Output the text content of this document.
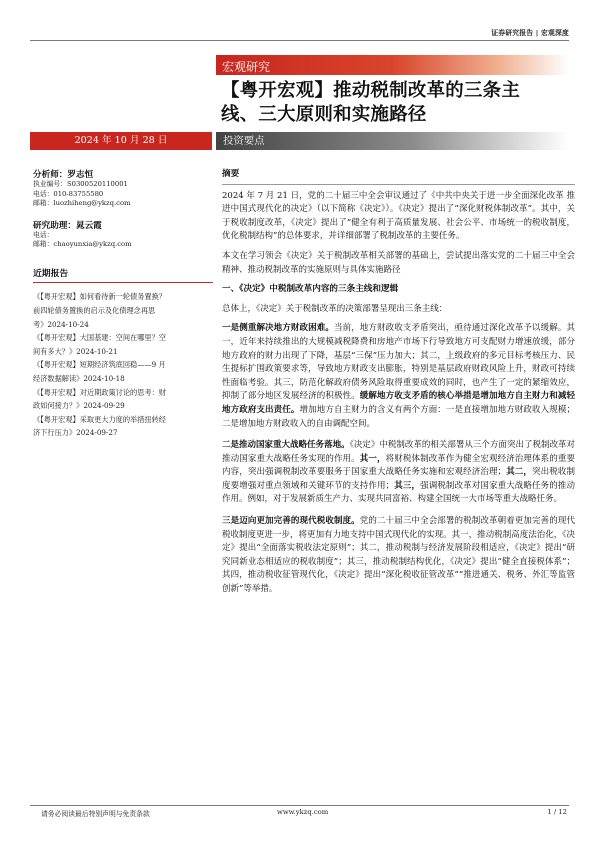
证券研究报告 | 宏观深度
宏观研究
【粤开宏观】推动税制改革的三条主
线、三大原则和实施路径
2024 年 10 月 28 日	投资要点
分析师：罗志恒
执业编号：S0300520110001
电话：010-83755580
邮箱：luozhiheng@ykzq.com
研究助理：晁云霞
电话：
邮箱：chaoyunxia@ykzq.com
近期报告
《【粤开宏观】如何看待新一轮债务置换？
前四轮债务置换的启示及化债理念再思
考》2024-10-24
《【粤开宏观】大国基建：空间在哪里？空
间有多大？》2024-10-21
《【粤开宏观】短期经济筑底回稳——9 月
经济数据解读》2024-10-18
《【粤开宏观】对近期政策讨论的思考：财
政如何接力？》2024-09-29
《【粤开宏观】采取更大力度的举措扭转经
济下行压力》2024-09-27
摘要

2024 年 7 月 21 日，党的二十届三中全会审议通过了《中共中央关于进一步全面深化改革 推进中国式现代化的决定》（以下简称《决定》）。《决定》提出了“深化财税体制改革”。其中，关于税收制度改革，《决定》提出了“健全有利于高质量发展、社会公平、市场统一的税收制度，优化税制结构”的总体要求，并详细部署了税制改革的主要任务。

本文在学习领会《决定》关于税制改革相关部署的基础上，尝试提出落实党的二十届三中全会精神、推动税制改革的实施原则与具体实施路径

一、《决定》中税制改革内容的三条主线和逻辑

总体上，《决定》关于税制改革的决策部署呈现出三条主线：

一是侧重解决地方财政困难。当前，地方财政收支矛盾突出，亟待通过深化改革予以缓解。其一，近年来持续推出的大规模减税降费和房地产市场下行导致地方可支配财力增速放缓，部分地方政府的财力出现了下降，基层“三保”压力加大；其二，上级政府的多元目标考核压力、民生提标扩围政策要求等，导致地方财政支出膨胀，特别是基层政府财政风险上升，财政可持续性面临考验。其三，防范化解政府债务风险取得重要成效的同时，也产生了一定的紧缩效应，抑制了部分地区发展经济的积极性。缓解地方收支矛盾的核心举措是增加地方自主财力和减轻地方政府支出责任。增加地方自主财力的含义有两个方面：一是直接增加地方财政收入规模；二是增加地方财政收入的自由调配空间。

二是推动国家重大战略任务落地。《决定》中税制改革的相关部署从三个方面突出了税制改革对推动国家重大战略任务实现的作用。其一，将财税体制改革作为健全宏观经济治理体系的重要内容，突出强调税制改革要服务于国家重大战略任务实施和宏观经济治理；其二，突出税收制度要增强对重点领域和关键环节的支持作用；其三，强调税制改革对国家重大战略任务的推动作用。例如，对于发展新质生产力、实现共同富裕、构建全国统一大市场等重大战略任务。

三是迈向更加完善的现代税收制度。党的二十届三中全会部署的税制改革朝着更加完善的现代税收制度更进一步，将更加有力地支持中国式现代化的实现。其一，推动税制高度法治化，《决定》提出“全面落实税收法定原则”；其二，推动税制与经济发展阶段相适应，《决定》提出“研究同新业态相适应的税收制度”；其三，推动税制结构优化，《决定》提出“健全直接税体系”；其四，推动税收征管现代化，《决定》提出“深化税收征管改革”“推进通关、税务、外汇等监管创新”等举措。

请务必阅读最后特别声明与免责条款	www.ykzq.com	1 / 12
